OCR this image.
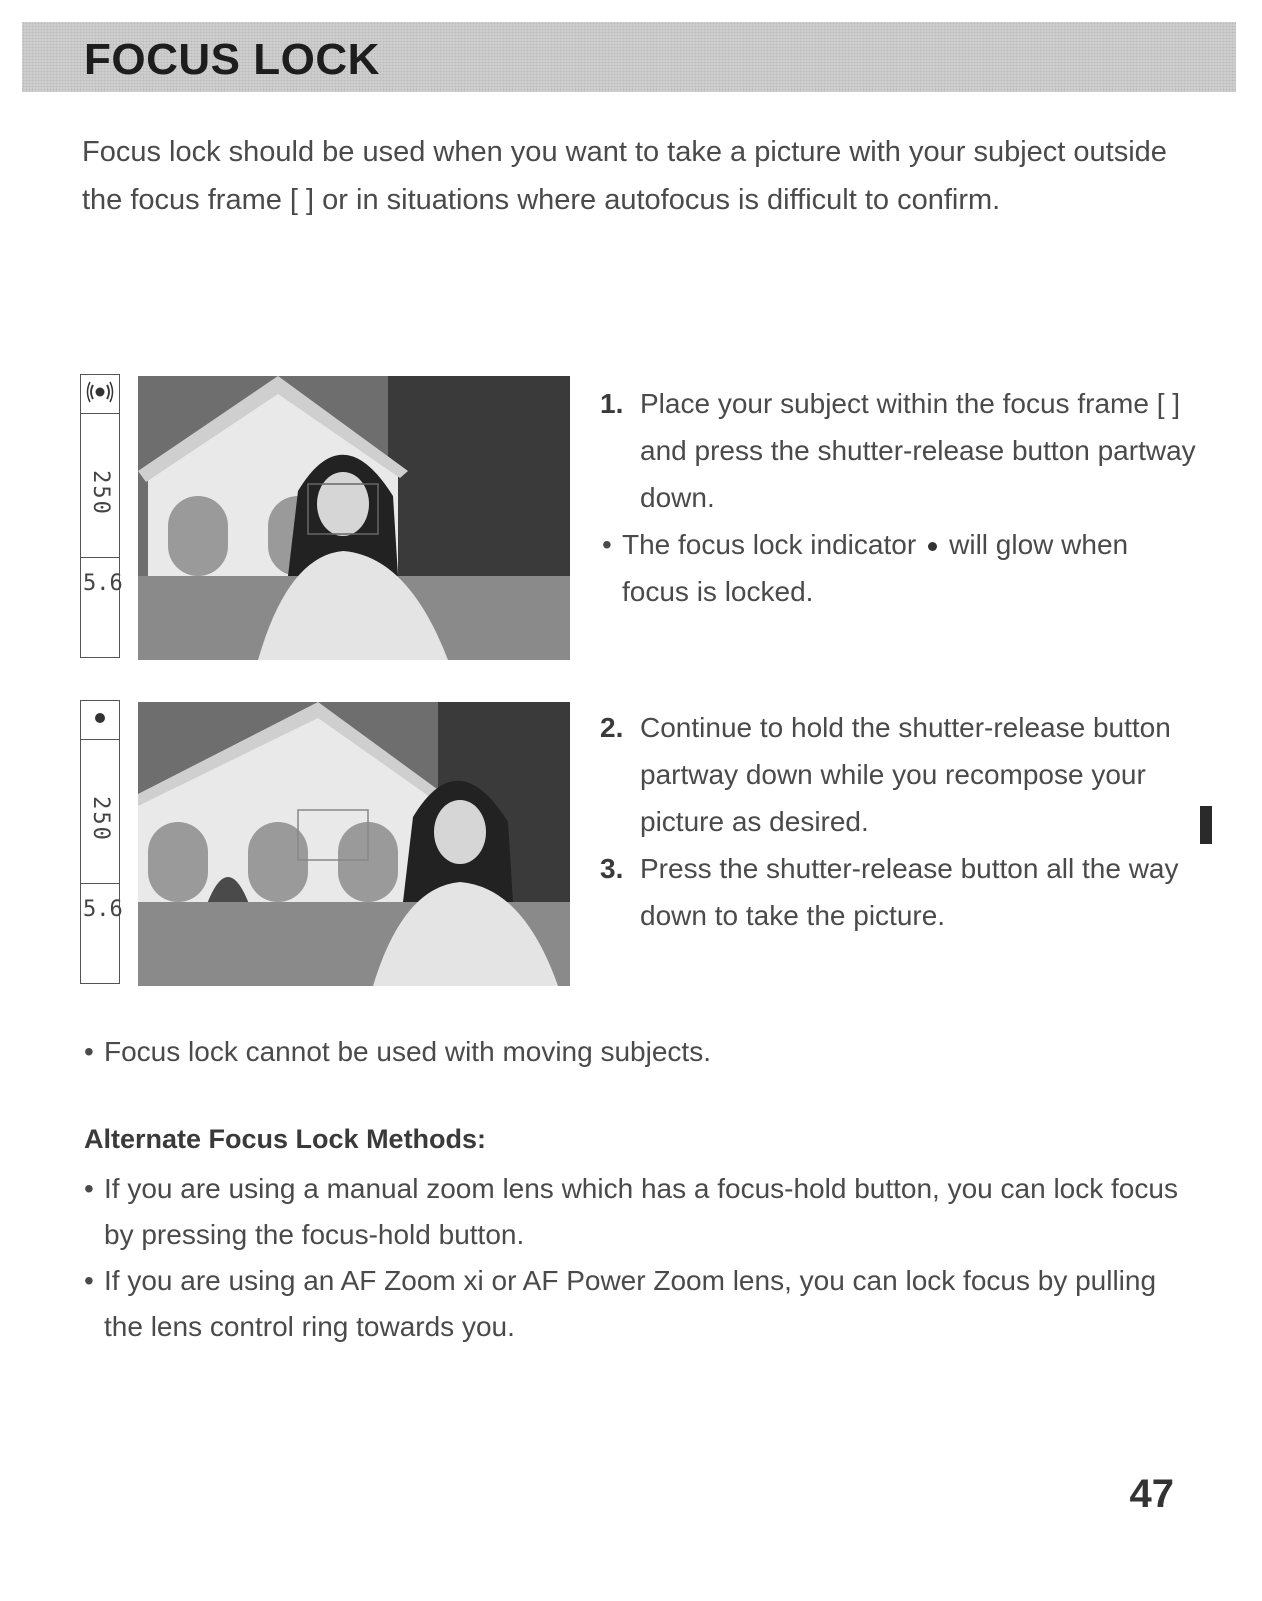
FOCUS LOCK

Focus lock should be used when you want to take a picture with your subject outside the focus frame [ ] or in situations where autofocus is difficult to confirm.

250
5.6
1. Place your subject within the focus frame [ ] and press the shutter-release button partway down.
• The focus lock indicator will glow when focus is locked.
250
5.6
2. Continue to hold the shutter-release button partway down while you recompose your picture as desired.
3. Press the shutter-release button all the way down to take the picture.

• Focus lock cannot be used with moving subjects.

Alternate Focus Lock Methods:
• If you are using a manual zoom lens which has a focus-hold button, you can lock focus by pressing the focus-hold button.
• If you are using an AF Zoom xi or AF Power Zoom lens, you can lock focus by pulling the lens control ring towards you.
47
